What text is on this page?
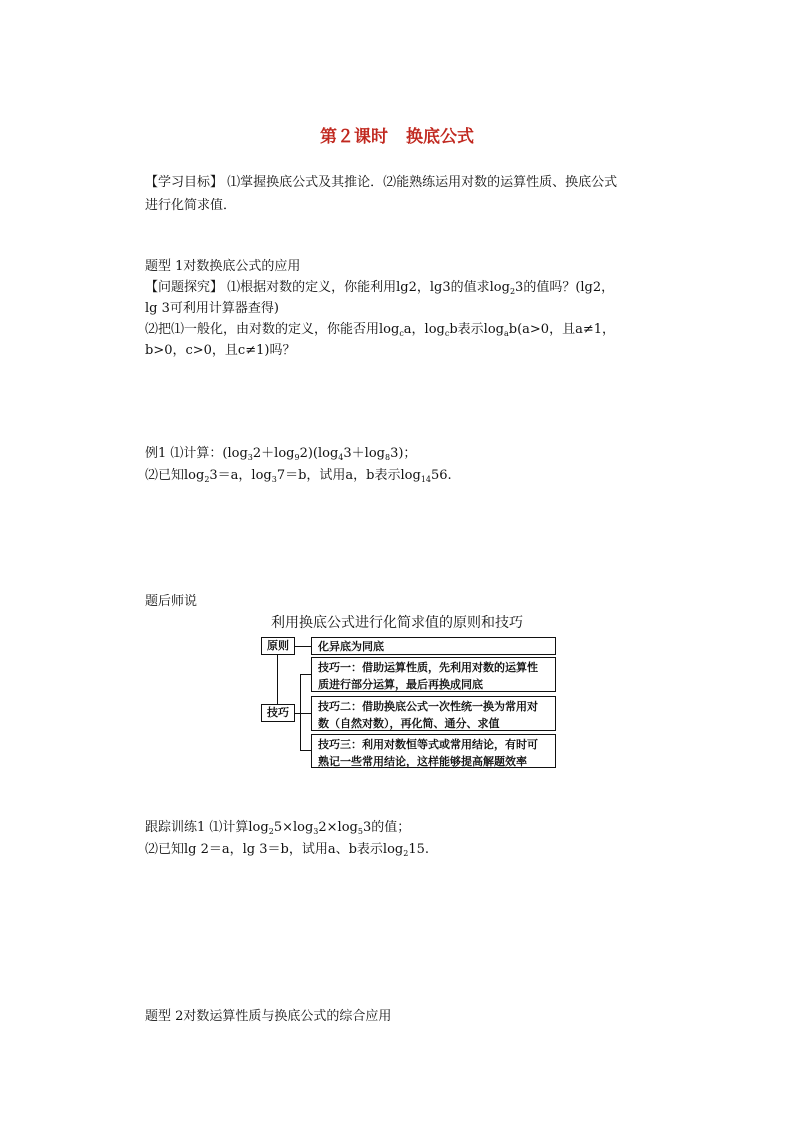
第２课时 换底公式
【学习目标】 ⑴掌握换底公式及其推论．⑵能熟练运用对数的运算性质、换底公式
进行化简求值．
题型 1对数换底公式的应用
【问题探究】 ⑴根据对数的定义，你能利用lg2，lg3的值求$\log_23$的值吗？(lg2，
lg 3可利用计算器查得)
⑵把⑴一般化，由对数的定义，你能否用$\log_ca$，$\log_cb$表示$\log_ab(a>0$，且a≠1，
b>0，c>0，且c≠1)吗？
例1 ⑴计算：$(\log_32+\log_92)(\log_43+\log_83)$；
⑵已知$\log_23=a$，$\log_37=b$，试用a，b表示$\log_{14}56$.
题后师说
利用换底公式进行化简求值的原则和技巧
原则	化异底为同底
技巧
技巧一：借助运算性质，先利用对数的运算性
质进行部分运算，最后再换成同底
技巧二：借助换底公式一次性统一换为常用对
数（自然对数），再化简、通分、求值
技巧三：利用对数恒等式或常用结论，有时可
熟记一些常用结论，这样能够提高解题效率
跟踪训练1 ⑴计算$\log_25\times\log_32\times\log_53$的值；
⑵已知lg 2＝a，lg 3＝b，试用a、b表示$\log_215$.
题型 2对数运算性质与换底公式的综合应用
